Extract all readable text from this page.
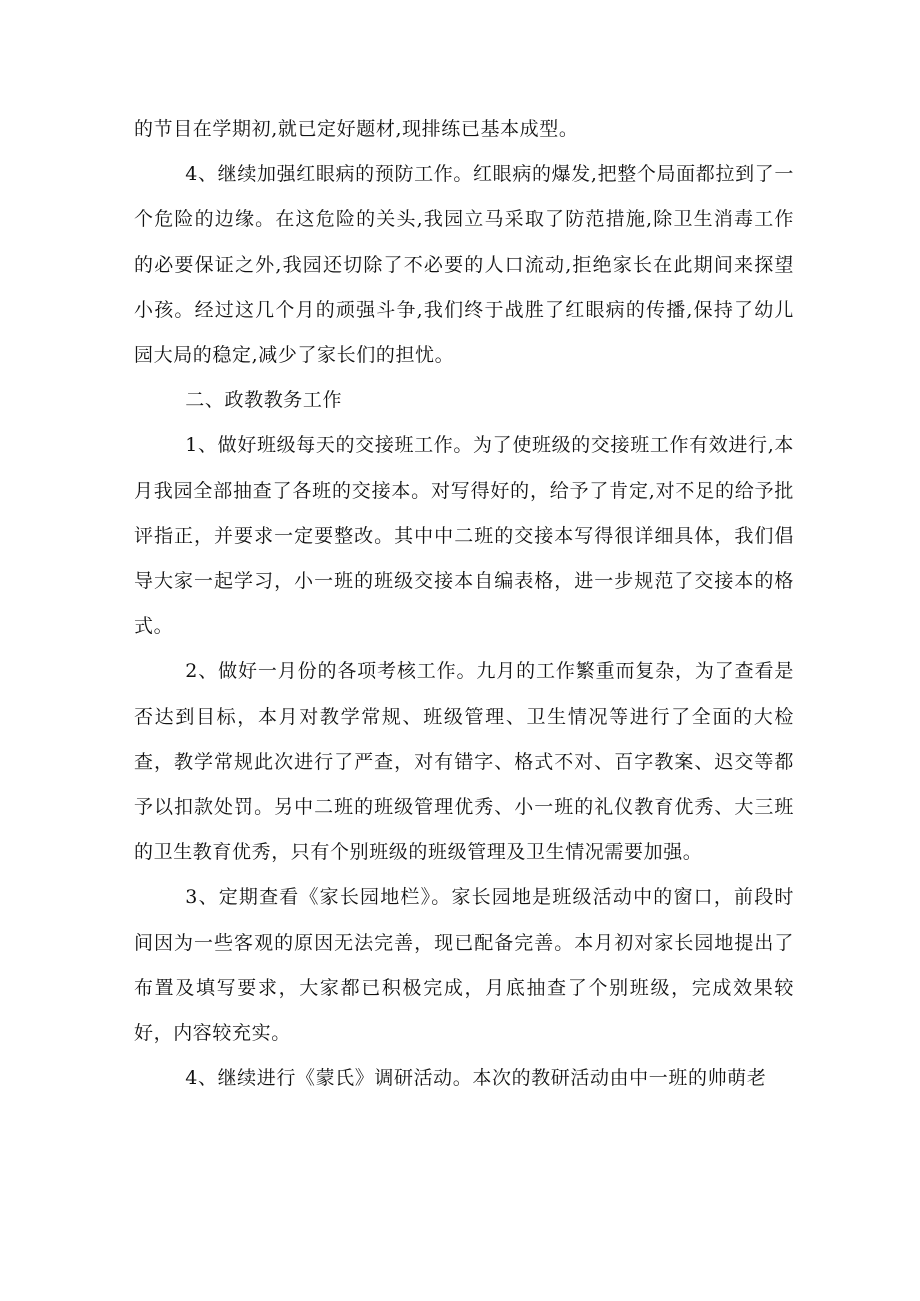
的节目在学期初,就已定好题材,现排练已基本成型。

4、继续加强红眼病的预防工作。红眼病的爆发,把整个局面都拉到了一个危险的边缘。在这危险的关头,我园立马采取了防范措施,除卫生消毒工作的必要保证之外,我园还切除了不必要的人口流动,拒绝家长在此期间来探望小孩。经过这几个月的顽强斗争,我们终于战胜了红眼病的传播,保持了幼儿园大局的稳定,减少了家长们的担忧。

二、政教教务工作

1、做好班级每天的交接班工作。为了使班级的交接班工作有效进行,本月我园全部抽查了各班的交接本。对写得好的，给予了肯定,对不足的给予批评指正，并要求一定要整改。其中中二班的交接本写得很详细具体，我们倡导大家一起学习，小一班的班级交接本自编表格，进一步规范了交接本的格式。

2、做好一月份的各项考核工作。九月的工作繁重而复杂，为了查看是否达到目标，本月对教学常规、班级管理、卫生情况等进行了全面的大检查，教学常规此次进行了严查，对有错字、格式不对、百字教案、迟交等都予以扣款处罚。另中二班的班级管理优秀、小一班的礼仪教育优秀、大三班的卫生教育优秀，只有个别班级的班级管理及卫生情况需要加强。

3、定期查看《家长园地栏》。家长园地是班级活动中的窗口，前段时间因为一些客观的原因无法完善，现已配备完善。本月初对家长园地提出了布置及填写要求，大家都已积极完成，月底抽查了个别班级，完成效果较好，内容较充实。

4、继续进行《蒙氏》调研活动。本次的教研活动由中一班的帅萌老
